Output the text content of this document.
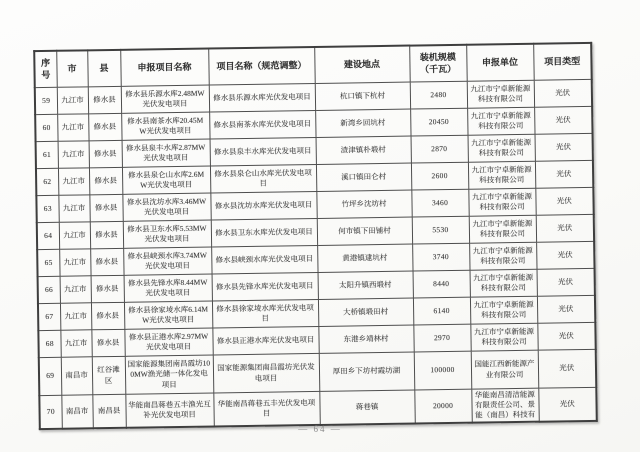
序号	市	县	申报项目名称	项目名称（规范调整）	建设地点	装机规模（千瓦）	申报单位	项目类型
59	九江市	修水县	修水县乐源水库2.48MW光伏发电项目	修水县乐源水库光伏发电项目	杭口镇下杭村	2480	九江市宁卓新能源科技有限公司	光伏
60	九江市	修水县	修水县南茶水库20.45MW光伏发电项目	修水县南茶水库光伏发电项目	新湾乡回坑村	20450	九江市宁卓新能源科技有限公司	光伏
61	九江市	修水县	修水县泉丰水库2.87MW光伏发电项目	修水县泉丰水库光伏发电项目	渣津镇朴塅村	2870	九江市宁卓新能源科技有限公司	光伏
62	九江市	修水县	修水县泉仑山水库2.6MW光伏发电项目	修水县泉仑山水库光伏发电项目	溪口镇田仑村	2600	九江市宁卓新能源科技有限公司	光伏
63	九江市	修水县	修水县沈坊水库3.46MW光伏发电项目	修水县沈坊水库光伏发电项目	竹坪乡沈坊村	3460	九江市宁卓新能源科技有限公司	光伏
64	九江市	修水县	修水县卫东水库5.53MW光伏发电项目	修水县卫东水库光伏发电项目	何市镇下田铺村	5530	九江市宁卓新能源科技有限公司	光伏
65	九江市	修水县	修水县峡颈水库3.74MW光伏发电项目	修水县峡颈水库光伏发电项目	黄港镇逮坑村	3740	九江市宁卓新能源科技有限公司	光伏
66	九江市	修水县	修水县先锋水库8.44MW光伏发电项目	修水县先锋水库光伏发电项目	太阳升镇西塅村	8440	九江市宁卓新能源科技有限公司	光伏
67	九江市	修水县	修水县徐家堎水库6.14MW光伏发电项目	修水县徐家堎水库光伏发电项目	大桥镇塅田村	6140	九江市宁卓新能源科技有限公司	光伏
68	九江市	修水县	修水县正港水库2.97MW光伏发电项目	修水县正港水库光伏发电项目	东港乡靖林村	2970	九江市宁卓新能源科技有限公司	光伏
69	南昌市	红谷滩区	国家能源集团南昌霞坊100MW渔光储一体化发电项目	国家能源集团南昌霞坊光伏发电项目	厚田乡下坊村霞坊湖	100000	国能江西新能源产业有限公司	光伏
70	南昌市	南昌县	华能南昌蒋巷五丰渔光互补光伏发电项目	华能南昌蒋巷五丰光伏发电项目	蒋巷镇	20000	华能南昌清洁能源有限责任公司、景能（南昌）科技有	光伏
— 64 —
